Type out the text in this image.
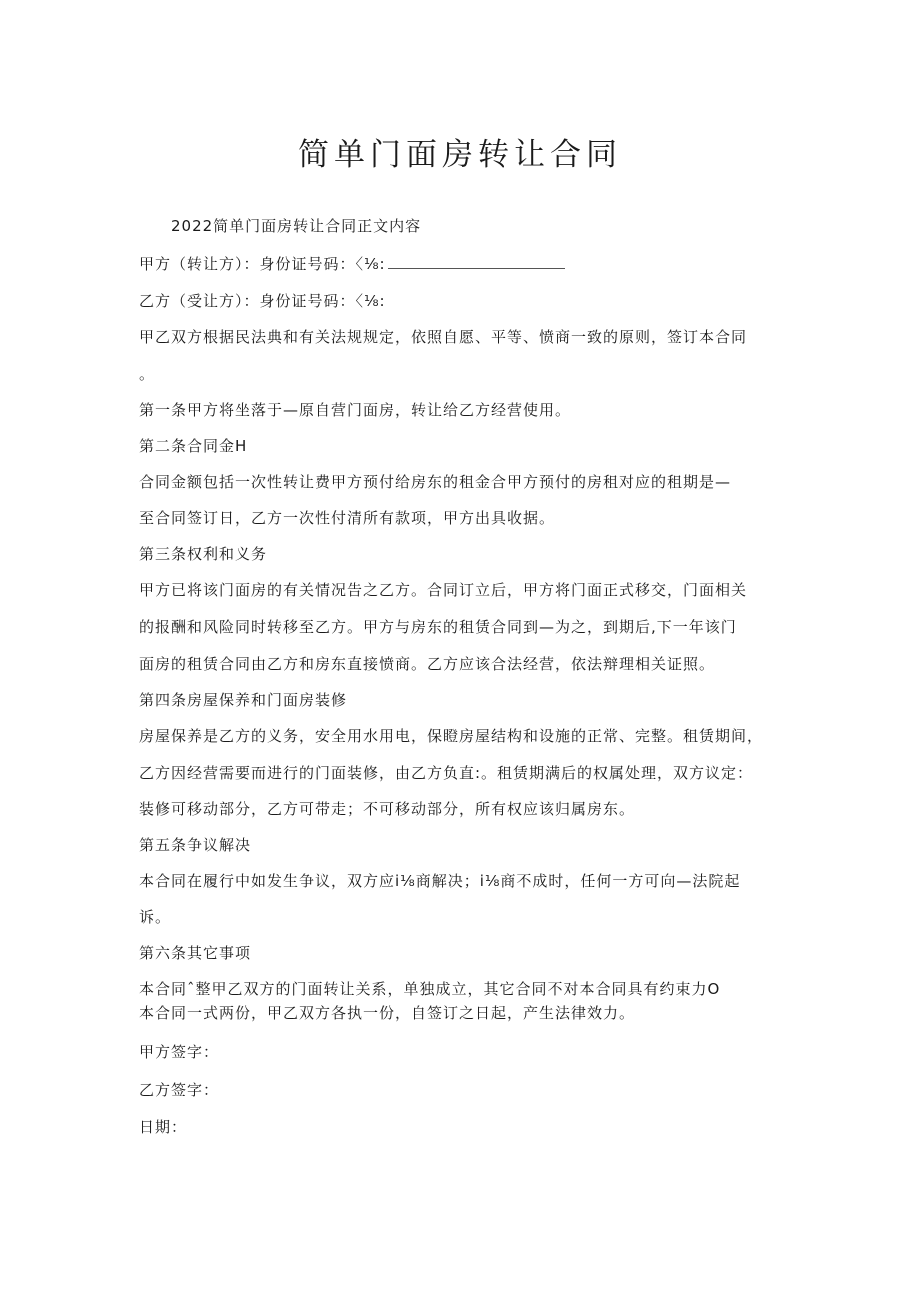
简单门面房转让合同
2022简单门面房转让合同正文内容
甲方（转让方）：身份证号码：〈⅛:
乙方（受让方）：身份证号码：〈⅛:
甲乙双方根据民法典和有关法规规定，依照自愿、平等、愤商一致的原则，签订本合同
。
第一条甲方将坐落于—原自营门面房，转让给乙方经营使用。
第二条合同金H
合同金额包括一次性转让费甲方预付给房东的租金合甲方预付的房租对应的租期是—
至合同签订日，乙方一次性付清所有款项，甲方出具收据。
第三条权利和义务
甲方已将该门面房的有关情况告之乙方。合同订立后，甲方将门面正式移交，门面相关
的报酬和风险同时转移至乙方。甲方与房东的租赁合同到—为之，到期后,下一年该门
面房的租赁合同由乙方和房东直接愤商。乙方应该合法经营，依法辩理相关证照。
第四条房屋保养和门面房装修
房屋保养是乙方的义务，安全用水用电，保瞪房屋结构和设施的正常、完整。租赁期间，
乙方因经营需要而进行的门面装修，由乙方负直:。租赁期满后的权属处理，双方议定：
装修可移动部分，乙方可带走；不可移动部分，所有权应该归属房东。
第五条争议解决
本合同在履行中如发生争议，双方应i⅛商解决；i⅛商不成时，任何一方可向—法院起
诉。
第六条其它事项
本合同ˆ整甲乙双方的门面转让关系，单独成立，其它合同不对本合同具有约束力O
本合同一式两份，甲乙双方各执一份，自签订之日起，产生法律效力。
甲方签字：
乙方签字：
日期：
